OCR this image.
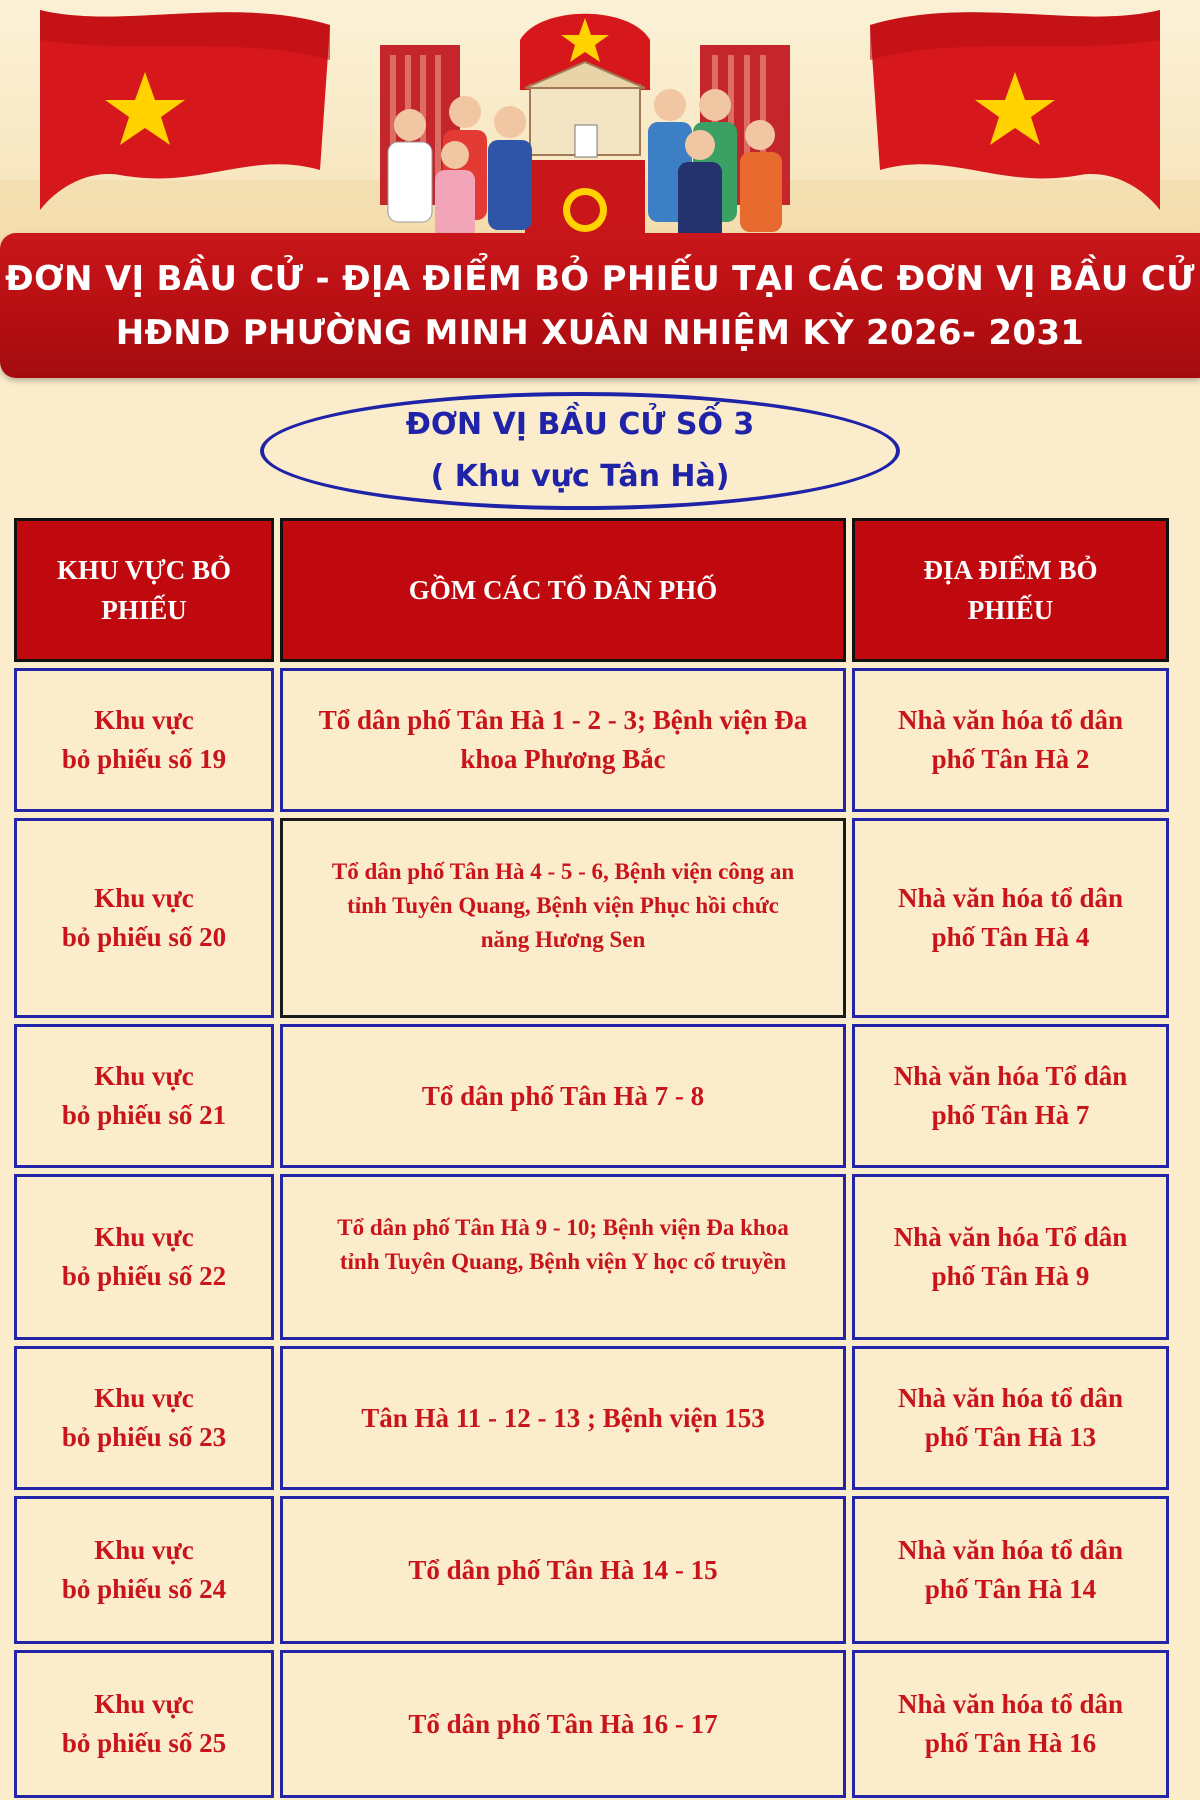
ĐƠN VỊ BẦU CỬ - ĐỊA ĐIỂM BỎ PHIẾU TẠI CÁC ĐƠN VỊ BẦU CỬ
HĐND PHƯỜNG MINH XUÂN NHIỆM KỲ 2026- 2031
ĐƠN VỊ BẦU CỬ SỐ 3
( Khu vực Tân Hà)
KHU VỰC BỎ
PHIẾU
GỒM CÁC TỔ DÂN PHỐ
ĐỊA ĐIỂM BỎ
PHIẾU
Khu vực
bỏ phiếu số 19
Tổ dân phố Tân Hà 1 - 2 - 3; Bệnh viện Đa
khoa Phương Bắc
Nhà văn hóa tổ dân
phố Tân Hà 2
Khu vực
bỏ phiếu số 20
Tổ dân phố Tân Hà 4 - 5 - 6, Bệnh viện công an
tỉnh Tuyên Quang, Bệnh viện Phục hồi chức
năng Hương Sen
Nhà văn hóa tổ dân
phố Tân Hà 4
Khu vực
bỏ phiếu số 21
Tổ dân phố Tân Hà 7 - 8
Nhà văn hóa Tổ dân
phố Tân Hà 7
Khu vực
bỏ phiếu số 22
Tổ dân phố Tân Hà 9 - 10; Bệnh viện Đa khoa
tỉnh Tuyên Quang, Bệnh viện Y học cổ truyền
Nhà văn hóa Tổ dân
phố Tân Hà 9
Khu vực
bỏ phiếu số 23
Tân Hà 11 - 12 - 13 ; Bệnh viện 153
Nhà văn hóa tổ dân
phố Tân Hà 13
Khu vực
bỏ phiếu số 24
Tổ dân phố Tân Hà 14 - 15
Nhà văn hóa tổ dân
phố Tân Hà 14
Khu vực
bỏ phiếu số 25
Tổ dân phố Tân Hà 16 - 17
Nhà văn hóa tổ dân
phố Tân Hà 16
